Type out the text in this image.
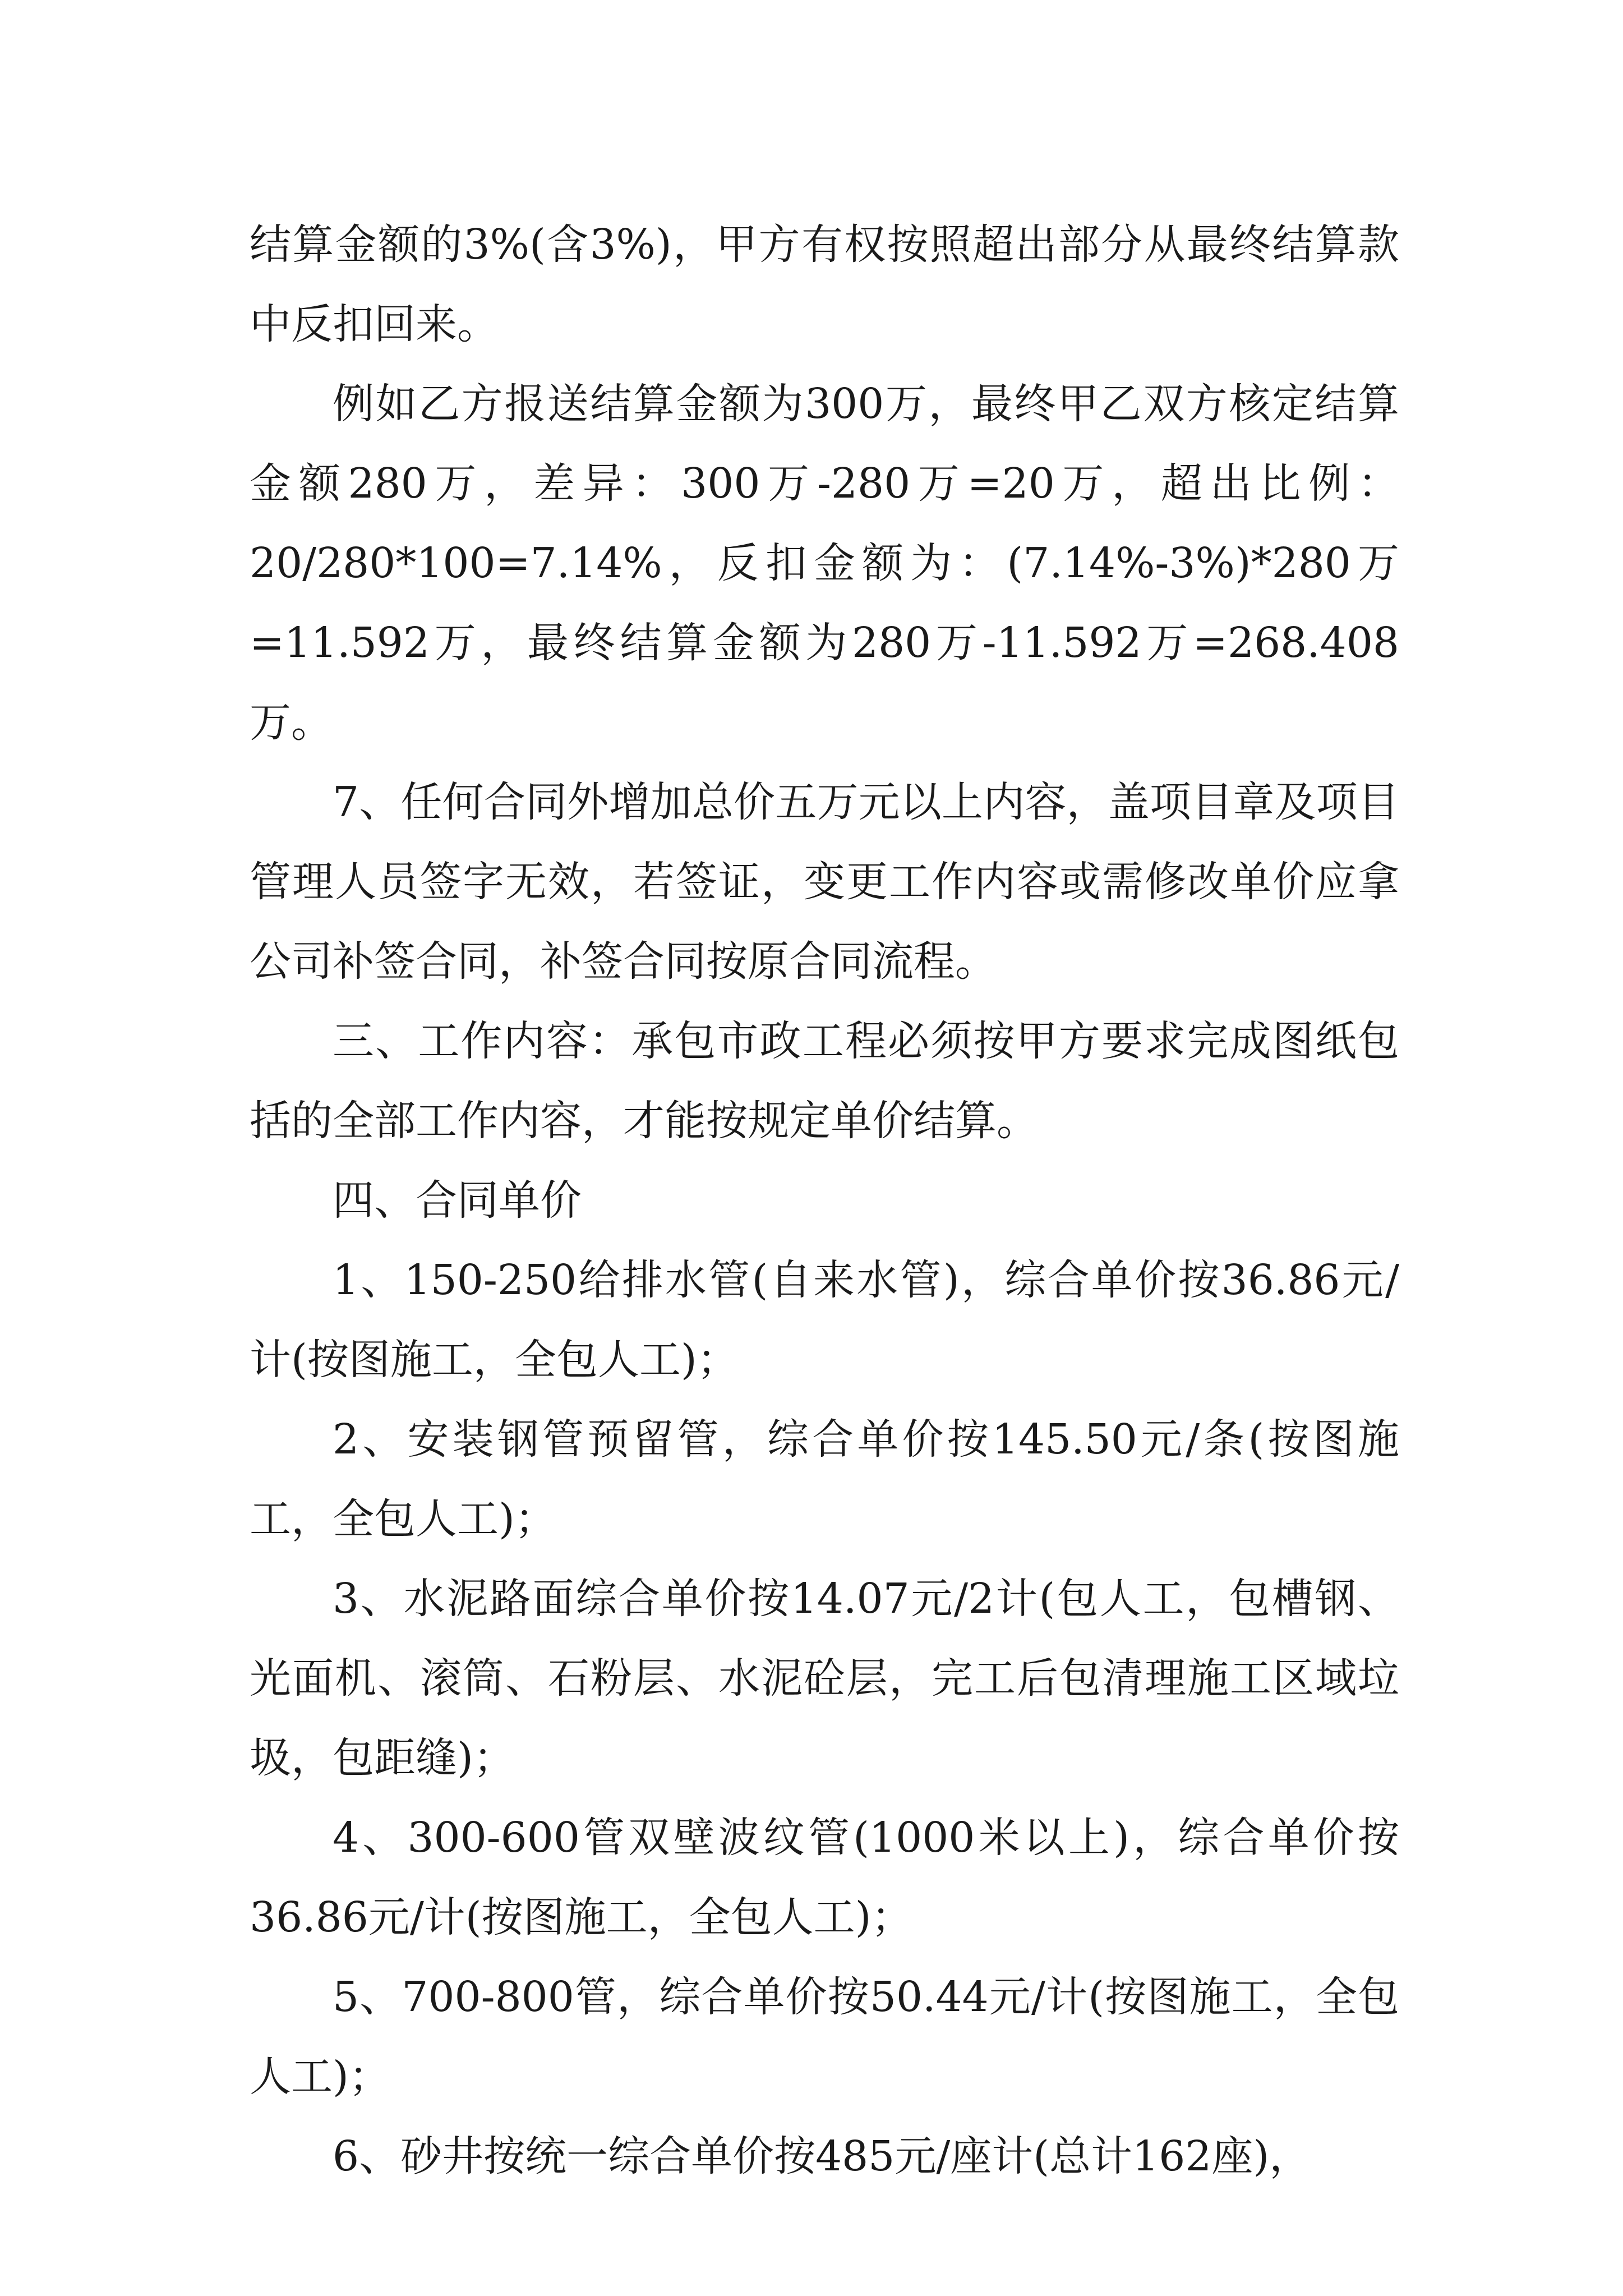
结算金额的3%(含3%)，甲方有权按照超出部分从最终结算款中反扣回来。

例如乙方报送结算金额为300万，最终甲乙双方核定结算金额280万，差异：300万-280万=20万，超出比例：20/280*100=7.14%，反扣金额为：(7.14%-3%)*280万=11.592万，最终结算金额为280万-11.592万=268.408万。

7、任何合同外增加总价五万元以上内容，盖项目章及项目管理人员签字无效，若签证，变更工作内容或需修改单价应拿公司补签合同，补签合同按原合同流程。

三、工作内容：承包市政工程必须按甲方要求完成图纸包括的全部工作内容，才能按规定单价结算。

四、合同单价

1、150-250给排水管(自来水管)，综合单价按36.86元/计(按图施工，全包人工)；

2、安装钢管预留管，综合单价按145.50元/条(按图施工，全包人工)；

3、水泥路面综合单价按14.07元/2计(包人工，包槽钢、光面机、滚筒、石粉层、水泥砼层，完工后包清理施工区域垃圾，包距缝)；

4、300-600管双壁波纹管(1000米以上)，综合单价按36.86元/计(按图施工，全包人工)；

5、700-800管，综合单价按50.44元/计(按图施工，全包人工)；

6、砂井按统一综合单价按485元/座计(总计162座)，
